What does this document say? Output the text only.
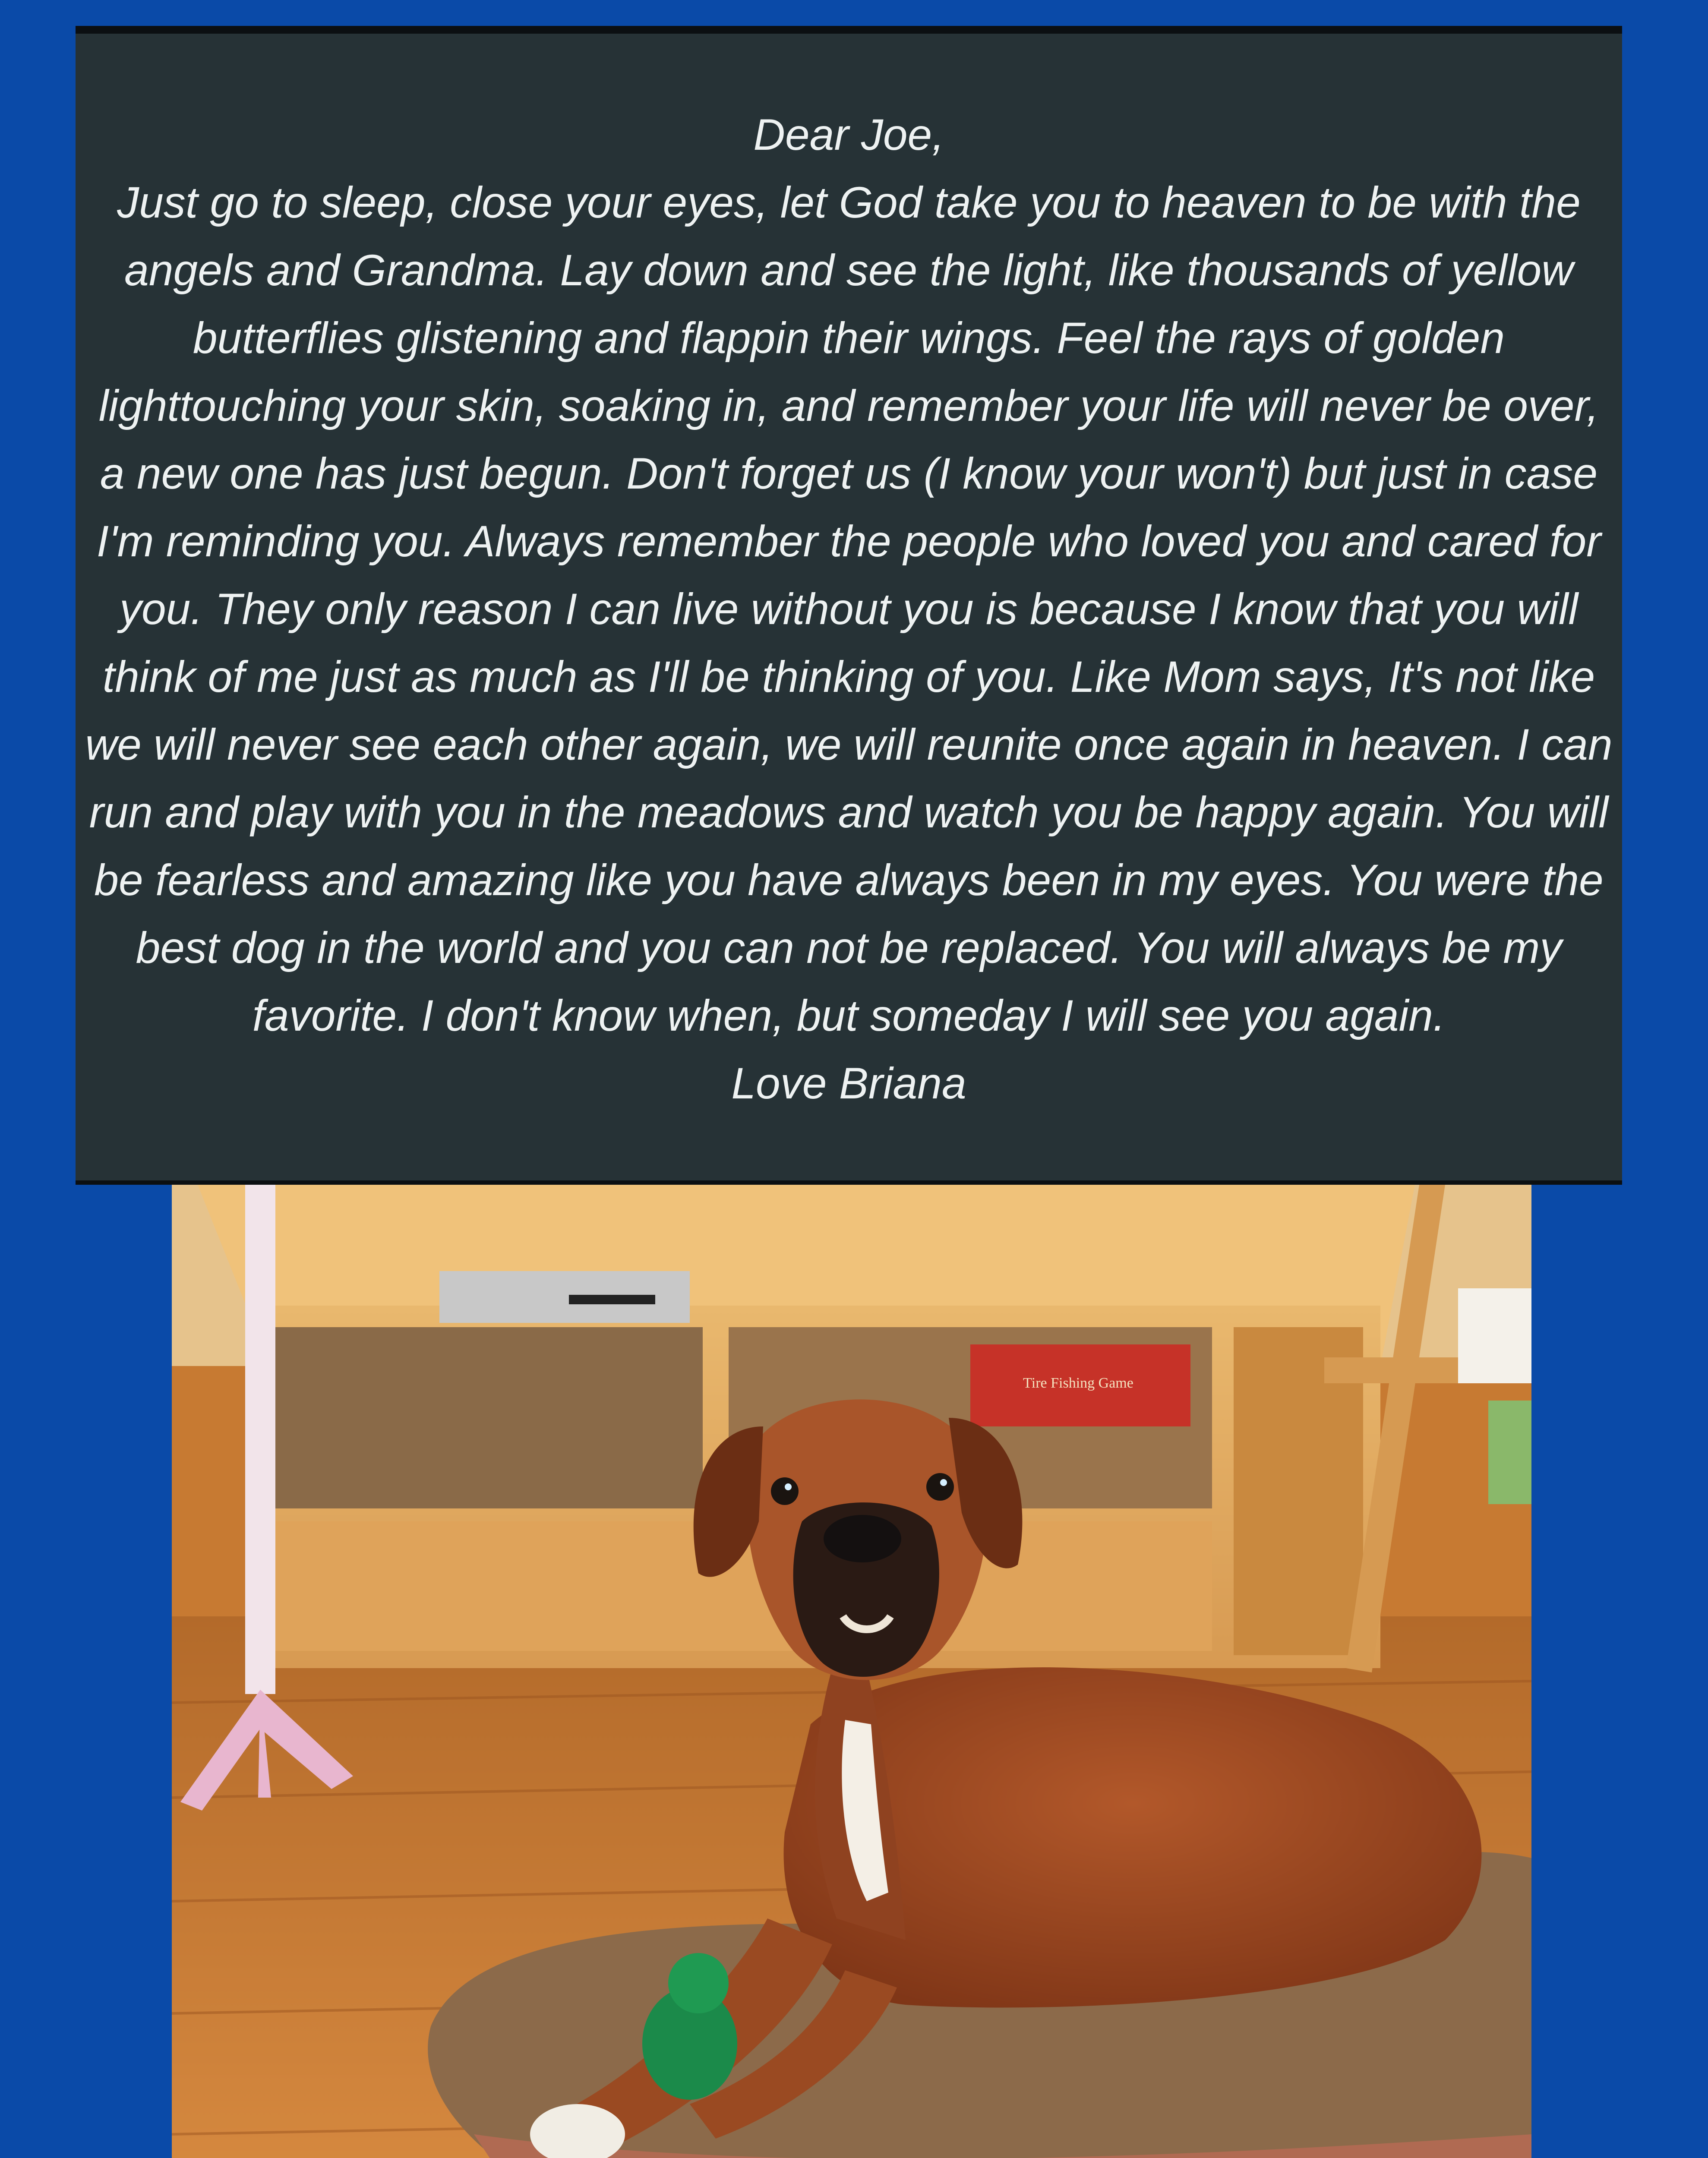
Dear Joe,

Just go to sleep, close your eyes, let God take you to heaven to be with the angels and Grandma. Lay down and see the light, like thousands of yellow butterflies glistening and flappin their wings. Feel the rays of golden lighttouching your skin, soaking in, and remember your life will never be over, a new one has just begun. Don't forget us (I know your won't) but just in case I'm reminding you. Always remember the people who loved you and cared for you. They only reason I can live without you is because I know that you will think of me just as much as I'll be thinking of you. Like Mom says, It's not like we will never see each other again, we will reunite once again in heaven. I can run and play with you in the meadows and watch you be happy again. You will be fearless and amazing like you have always been in my eyes. You were the best dog in the world and you can not be replaced. You will always be my favorite. I don't know when, but someday I will see you again.

Love Briana

Tire Fishing Game
